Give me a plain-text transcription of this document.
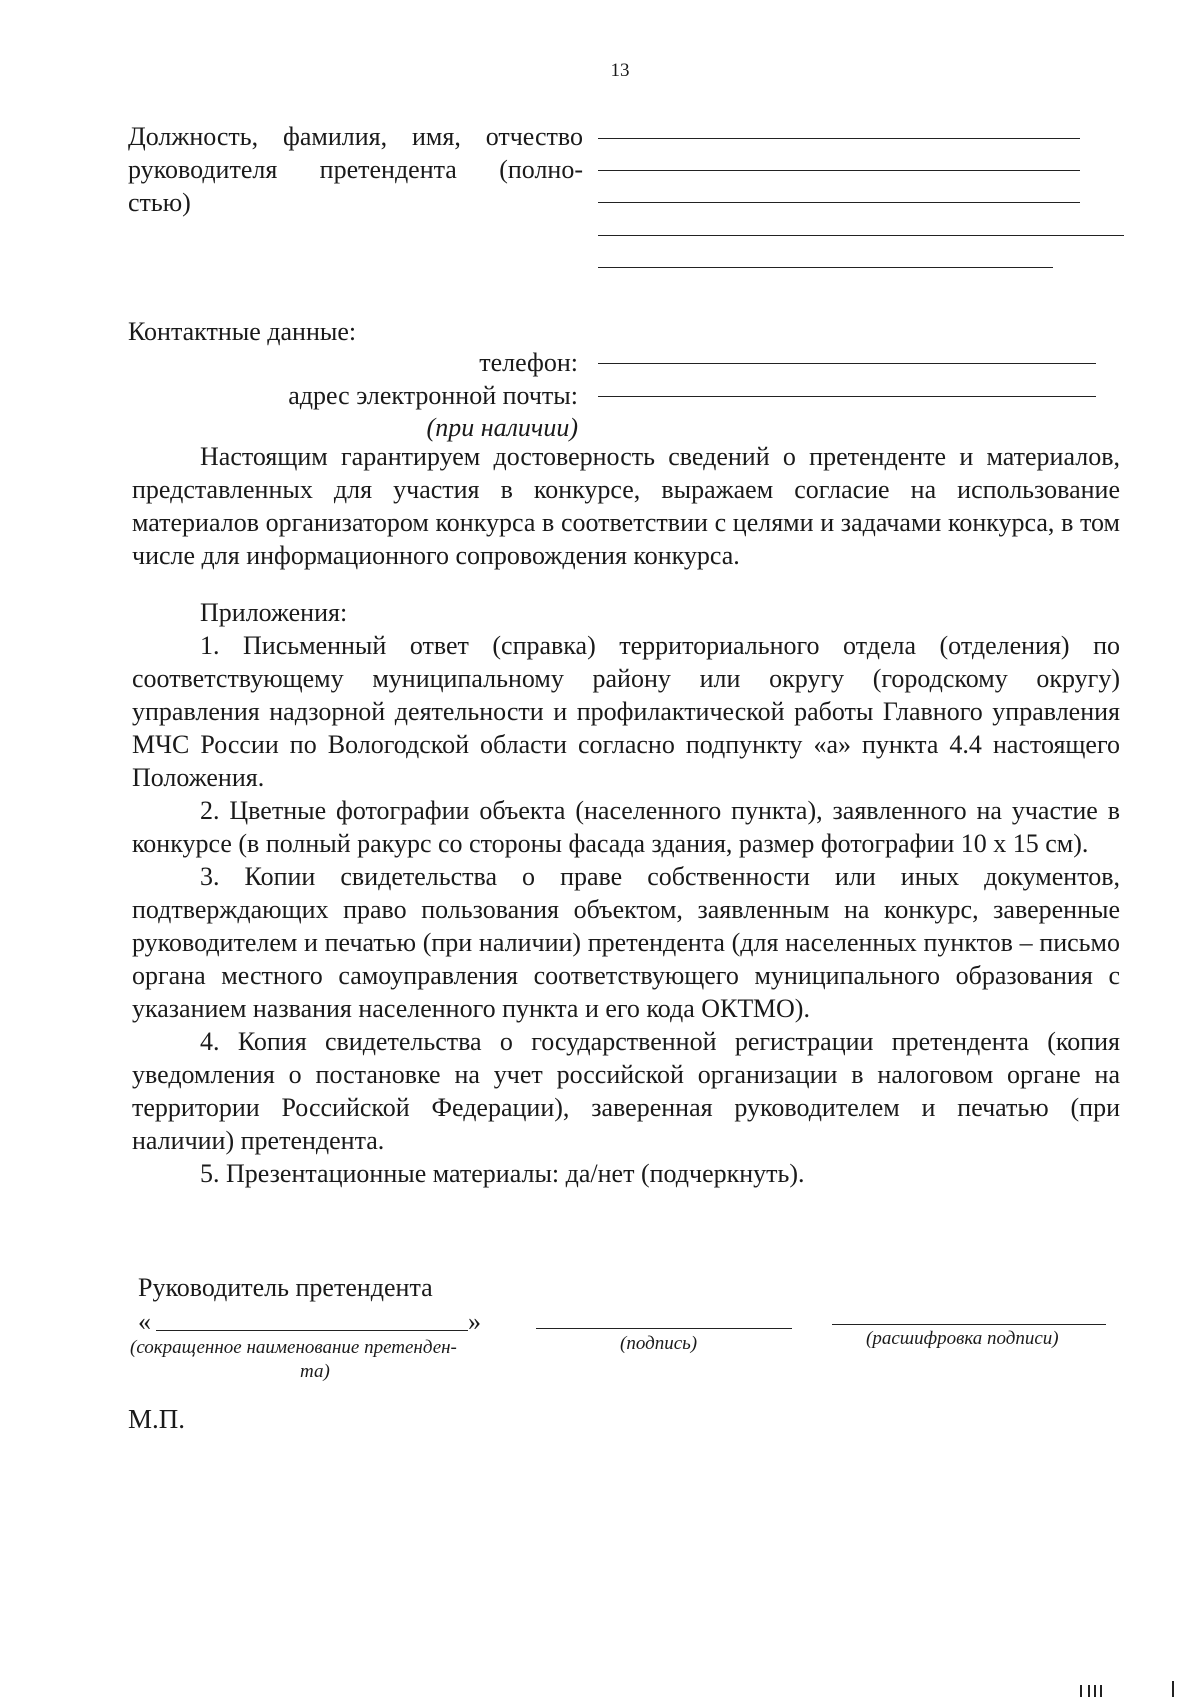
13
Должность, фамилия, имя, отчество
руководителя претендента (полно-
стью)
Контактные данные:
телефон:
адрес электронной почты:
(при наличии)
Настоящим гарантируем достоверность сведений о претенденте и материалов, представленных для участия в конкурсе, выражаем согласие на использование материалов организатором конкурса в соответствии с целями и задачами конкурса, в том числе для информационного сопровождения конкурса.
Приложения:
1. Письменный ответ (справка) территориального отдела (отделения) по соответствующему муниципальному району или округу (городскому округу) управления надзорной деятельности и профилактической работы Главного управления МЧС России по Вологодской области согласно подпункту «а» пункта 4.4 настоящего Положения.
2. Цветные фотографии объекта (населенного пункта), заявленного на участие в конкурсе (в полный ракурс со стороны фасада здания, размер фотографии 10 х 15 см).
3. Копии свидетельства о праве собственности или иных документов, подтверждающих право пользования объектом, заявленным на конкурс, заверенные руководителем и печатью (при наличии) претендента (для населенных пунктов – письмо органа местного самоуправления соответствующего муниципального образования с указанием названия населенного пункта и его кода ОКТМО).
4. Копия свидетельства о государственной регистрации претендента (копия уведомления о постановке на учет российской организации в налоговом органе на территории Российской Федерации), заверенная руководителем и печатью (при наличии) претендента.
5. Презентационные материалы: да/нет (подчеркнуть).
Руководитель претендента
«	»
(сокращенное наименование претенден-
та)
(подпись)	(расшифровка подписи)
М.П.
